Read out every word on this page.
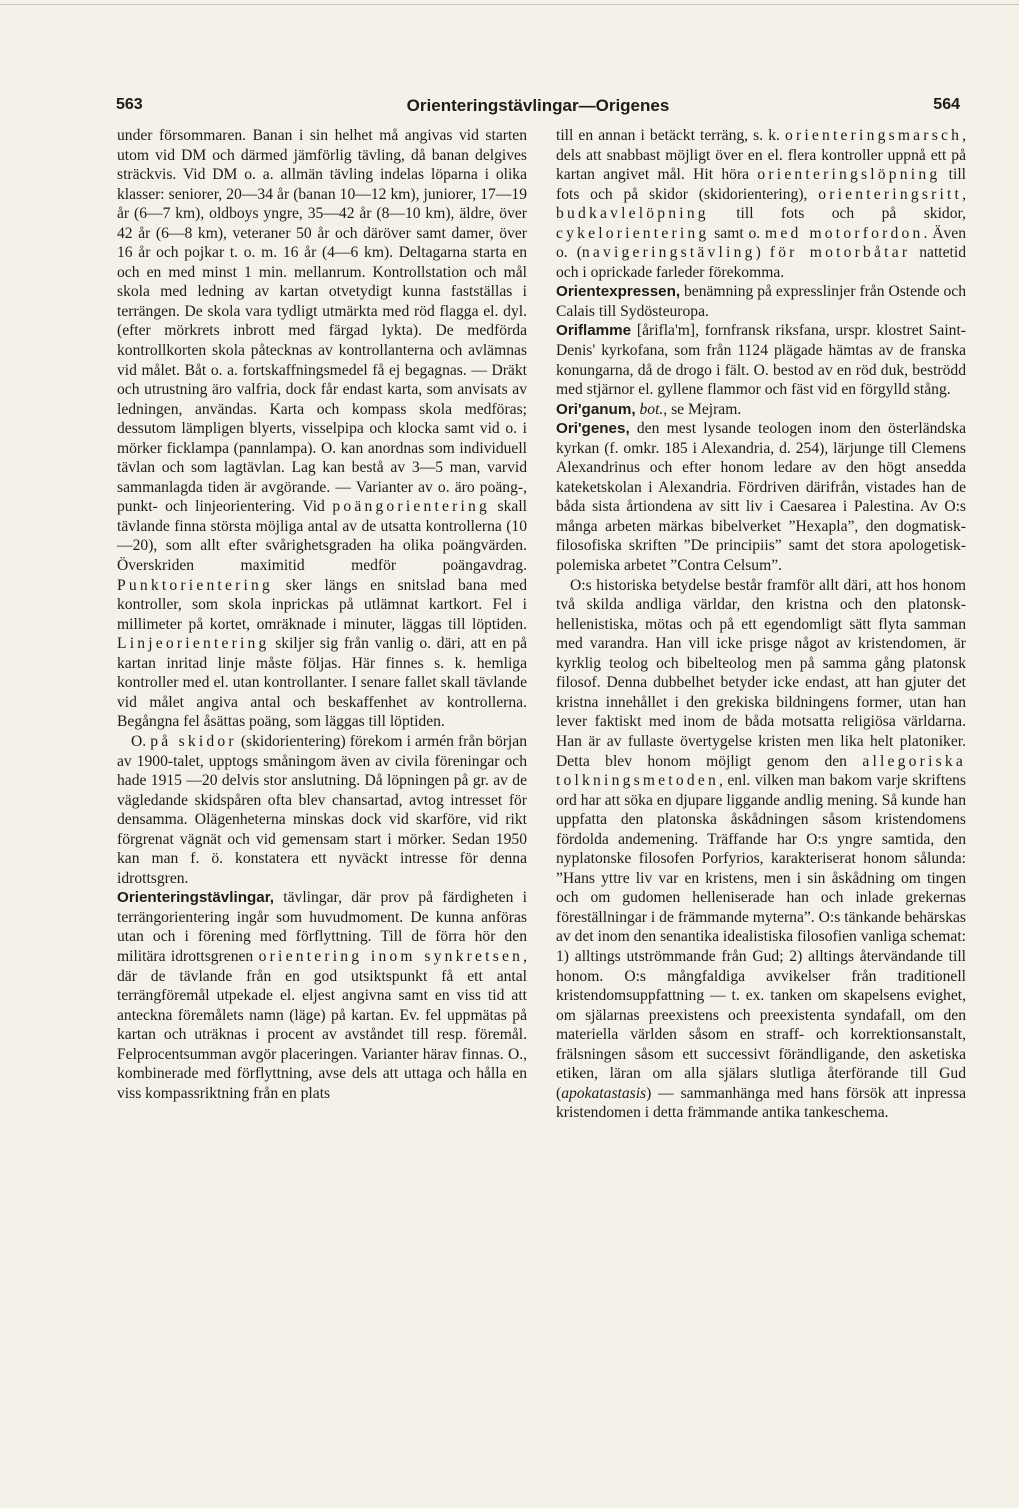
563	Orienteringstävlingar—Origenes	564

under försommaren. Banan i sin helhet må angivas vid starten utom vid DM och därmed jämförlig tävling, då banan delgives sträckvis. Vid DM o. a. allmän tävling indelas löparna i olika klasser: seniorer, 20—34 år (banan 10—12 km), juniorer, 17—19 år (6—7 km), oldboys yngre, 35—42 år (8—10 km), äldre, över 42 år (6—8 km), veteraner 50 år och däröver samt damer, över 16 år och pojkar t. o. m. 16 år (4—6 km). Deltagarna starta en och en med minst 1 min. mellanrum. Kontrollstation och mål skola med ledning av kartan otvetydigt kunna fastställas i terrängen. De skola vara tydligt utmärkta med röd flagga el. dyl. (efter mörkrets inbrott med färgad lykta). De medförda kontrollkorten skola påtecknas av kontrollanterna och avlämnas vid målet. Båt o. a. fortskaffningsmedel få ej begagnas. — Dräkt och utrustning äro valfria, dock får endast karta, som anvisats av ledningen, användas. Karta och kompass skola medföras; dessutom lämpligen blyerts, visselpipa och klocka samt vid o. i mörker ficklampa (pannlampa). O. kan anordnas som individuell tävlan och som lagtävlan. Lag kan bestå av 3—5 man, varvid sammanlagda tiden är avgörande. — Varianter av o. äro poäng-, punkt- och linjeorientering. Vid poängorientering skall tävlande finna största möjliga antal av de utsatta kontrollerna (10—20), som allt efter svårighetsgraden ha olika poängvärden. Överskriden maximitid medför poängavdrag. Punktorientering sker längs en snitslad bana med kontroller, som skola inprickas på utlämnat kartkort. Fel i millimeter på kortet, omräknade i minuter, läggas till löptiden. Linjeorientering skiljer sig från vanlig o. däri, att en på kartan inritad linje måste följas. Här finnes s. k. hemliga kontroller med el. utan kontrollanter. I senare fallet skall tävlande vid målet angiva antal och beskaffenhet av kontrollerna. Begångna fel åsättas poäng, som läggas till löptiden.

O. på skidor (skidorientering) förekom i armén från början av 1900-talet, upptogs småningom även av civila föreningar och hade 1915 —20 delvis stor anslutning. Då löpningen på gr. av de vägledande skidspåren ofta blev chansartad, avtog intresset för densamma. Olägenheterna minskas dock vid skarföre, vid rikt förgrenat vägnät och vid gemensam start i mörker. Sedan 1950 kan man f. ö. konstatera ett nyväckt intresse för denna idrottsgren.

Orienteringstävlingar, tävlingar, där prov på färdigheten i terrängorientering ingår som huvudmoment. De kunna anföras utan och i förening med förflyttning. Till de förra hör den militära idrottsgrenen orientering inom synkretsen, där de tävlande från en god utsiktspunkt få ett antal terrängföremål utpekade el. eljest angivna samt en viss tid att anteckna föremålets namn (läge) på kartan. Ev. fel uppmätas på kartan och uträknas i procent av avståndet till resp. föremål. Felprocentsumman avgör placeringen. Varianter härav finnas. O., kombinerade med förflyttning, avse dels att uttaga och hålla en viss kompassriktning från en plats

till en annan i betäckt terräng, s. k. orienteringsmarsch, dels att snabbast möjligt över en el. flera kontroller uppnå ett på kartan angivet mål. Hit höra orienteringslöpning till fots och på skidor (skidorientering), orienteringsritt, budkavlelöpning till fots och på skidor, cykelorientering samt o. med motorfordon. Även o. (navigeringstävling) för motorbåtar nattetid och i oprickade farleder förekomma.

Orientexpressen, benämning på expresslinjer från Ostende och Calais till Sydösteuropa.

Oriflamme [årifla'm], fornfransk riksfana, urspr. klostret Saint-Denis' kyrkofana, som från 1124 plägade hämtas av de franska konungarna, då de drogo i fält. O. bestod av en röd duk, beströdd med stjärnor el. gyllene flammor och fäst vid en förgylld stång.

Ori'ganum, bot., se Mejram.

Ori'genes, den mest lysande teologen inom den österländska kyrkan (f. omkr. 185 i Alexandria, d. 254), lärjunge till Clemens Alexandrinus och efter honom ledare av den högt ansedda kateketskolan i Alexandria. Fördriven därifrån, vistades han de båda sista årtiondena av sitt liv i Caesarea i Palestina. Av O:s många arbeten märkas bibelverket ”Hexapla”, den dogmatisk-filosofiska skriften ”De principiis” samt det stora apologetisk-polemiska arbetet ”Contra Celsum”.

O:s historiska betydelse består framför allt däri, att hos honom två skilda andliga världar, den kristna och den platonsk-hellenistiska, mötas och på ett egendomligt sätt flyta samman med varandra. Han vill icke prisge något av kristendomen, är kyrklig teolog och bibelteolog men på samma gång platonsk filosof. Denna dubbelhet betyder icke endast, att han gjuter det kristna innehållet i den grekiska bildningens former, utan han lever faktiskt med inom de båda motsatta religiösa världarna. Han är av fullaste övertygelse kristen men lika helt platoniker. Detta blev honom möjligt genom den allegoriska tolkningsmetoden, enl. vilken man bakom varje skriftens ord har att söka en djupare liggande andlig mening. Så kunde han uppfatta den platonska åskådningen såsom kristendomens fördolda andemening. Träffande har O:s yngre samtida, den nyplatonske filosofen Porfyrios, karakteriserat honom sålunda: ”Hans yttre liv var en kristens, men i sin åskådning om tingen och om gudomen helleniserade han och inlade grekernas föreställningar i de främmande myterna”. O:s tänkande behärskas av det inom den senantika idealistiska filosofien vanliga schemat: 1) alltings utströmmande från Gud; 2) alltings återvändande till honom. O:s mångfaldiga avvikelser från traditionell kristendomsuppfattning — t. ex. tanken om skapelsens evighet, om själarnas preexistens och preexistenta syndafall, om den materiella världen såsom en straff- och korrektionsanstalt, frälsningen såsom ett successivt förändligande, den asketiska etiken, läran om alla själars slutliga återförande till Gud (apokatastasis) — sammanhänga med hans försök att inpressa kristendomen i detta främmande antika tankeschema.
